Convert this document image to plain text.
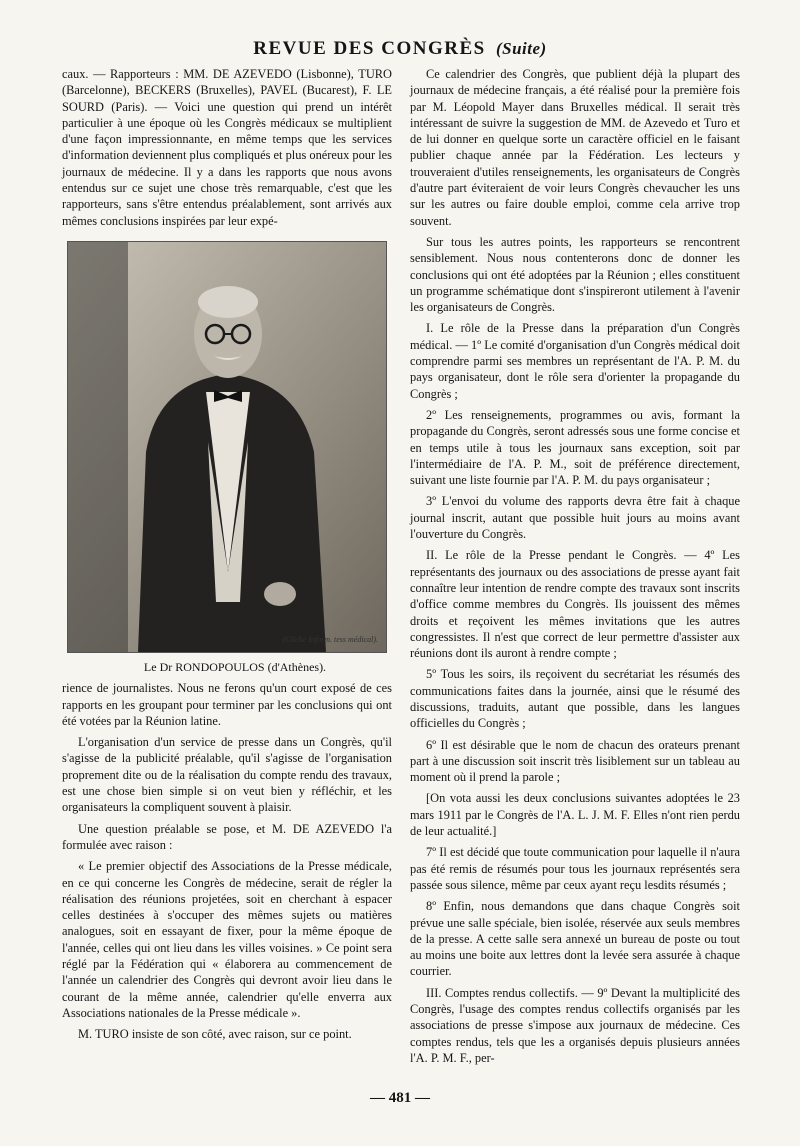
REVUE DES CONGRÈS (Suite)

caux. — Rapporteurs : MM. DE AZEVEDO (Lisbonne), TURO (Barcelonne), BECKERS (Bruxelles), PAVEL (Bucarest), F. LE SOURD (Paris). — Voici une question qui prend un intérêt particulier à une époque où les Congrès médicaux se multiplient d'une façon impressionnante, en même temps que les services d'information deviennent plus compliqués et plus onéreux pour les journaux de médecine. Il y a dans les rapports que nous avons entendus sur ce sujet une chose très remarquable, c'est que les rapporteurs, sans s'être entendus préalablement, sont arrivés aux mêmes conclusions inspirées par leur expé-

(Cliché Inform. tess médical).

Le Dr RONDOPOULOS (d'Athènes).

rience de journalistes. Nous ne ferons qu'un court exposé de ces rapports en les groupant pour terminer par les conclusions qui ont été votées par la Réunion latine.

L'organisation d'un service de presse dans un Congrès, qu'il s'agisse de la publicité préalable, qu'il s'agisse de l'organisation proprement dite ou de la réalisation du compte rendu des travaux, est une chose bien simple si on veut bien y réfléchir, et les organisateurs la compliquent souvent à plaisir.

Une question préalable se pose, et M. DE AZEVEDO l'a formulée avec raison :

« Le premier objectif des Associations de la Presse médicale, en ce qui concerne les Congrès de médecine, serait de régler la réalisation des réunions projetées, soit en cherchant à espacer celles destinées à s'occuper des mêmes sujets ou matières analogues, soit en essayant de fixer, pour la même époque de l'année, celles qui ont lieu dans les villes voisines. » Ce point sera réglé par la Fédération qui « élaborera au commencement de l'année un calendrier des Congrès qui devront avoir lieu dans le courant de la même année, calendrier qu'elle enverra aux Associations nationales de la Presse médicale ».

M. TURO insiste de son côté, avec raison, sur ce point.

Ce calendrier des Congrès, que publient déjà la plupart des journaux de médecine français, a été réalisé pour la première fois par M. Léopold Mayer dans Bruxelles médical. Il serait très intéressant de suivre la suggestion de MM. de Azevedo et Turo et de lui donner en quelque sorte un caractère officiel en le faisant publier chaque année par la Fédération. Les lecteurs y trouveraient d'utiles renseignements, les organisateurs de Congrès d'autre part éviteraient de voir leurs Congrès chevaucher les uns sur les autres ou faire double emploi, comme cela arrive trop souvent.

Sur tous les autres points, les rapporteurs se rencontrent sensiblement. Nous nous contenterons donc de donner les conclusions qui ont été adoptées par la Réunion ; elles constituent un programme schématique dont s'inspireront utilement à l'avenir les organisateurs de Congrès.

I. Le rôle de la Presse dans la préparation d'un Congrès médical. — 1º Le comité d'organisation d'un Congrès médical doit comprendre parmi ses membres un représentant de l'A. P. M. du pays organisateur, dont le rôle sera d'orienter la propagande du Congrès ;

2º Les renseignements, programmes ou avis, formant la propagande du Congrès, seront adressés sous une forme concise et en temps utile à tous les journaux sans exception, soit par l'intermédiaire de l'A. P. M., soit de préférence directement, suivant une liste fournie par l'A. P. M. du pays organisateur ;

3º L'envoi du volume des rapports devra être fait à chaque journal inscrit, autant que possible huit jours au moins avant l'ouverture du Congrès.

II. Le rôle de la Presse pendant le Congrès. — 4º Les représentants des journaux ou des associations de presse ayant fait connaître leur intention de rendre compte des travaux sont inscrits d'office comme membres du Congrès. Ils jouissent des mêmes droits et reçoivent les mêmes invitations que les autres congressistes. Il n'est que correct de leur permettre d'assister aux réunions dont ils auront à rendre compte ;

5º Tous les soirs, ils reçoivent du secrétariat les résumés des communications faites dans la journée, ainsi que le résumé des discussions, traduits, autant que possible, dans les langues officielles du Congrès ;

6º Il est désirable que le nom de chacun des orateurs prenant part à une discussion soit inscrit très lisiblement sur un tableau au moment où il prend la parole ;

[On vota aussi les deux conclusions suivantes adoptées le 23 mars 1911 par le Congrès de l'A. L. J. M. F. Elles n'ont rien perdu de leur actualité.]

7º Il est décidé que toute communication pour laquelle il n'aura pas été remis de résumés pour tous les journaux représentés sera passée sous silence, même par ceux ayant reçu lesdits résumés ;

8º Enfin, nous demandons que dans chaque Congrès soit prévue une salle spéciale, bien isolée, réservée aux seuls membres de la presse. A cette salle sera annexé un bureau de poste ou tout au moins une boite aux lettres dont la levée sera assurée à chaque courrier.

III. Comptes rendus collectifs. — 9º Devant la multiplicité des Congrès, l'usage des comptes rendus collectifs organisés par les associations de presse s'impose aux journaux de médecine. Ces comptes rendus, tels que les a organisés depuis plusieurs années l'A. P. M. F., per-

— 481 —
